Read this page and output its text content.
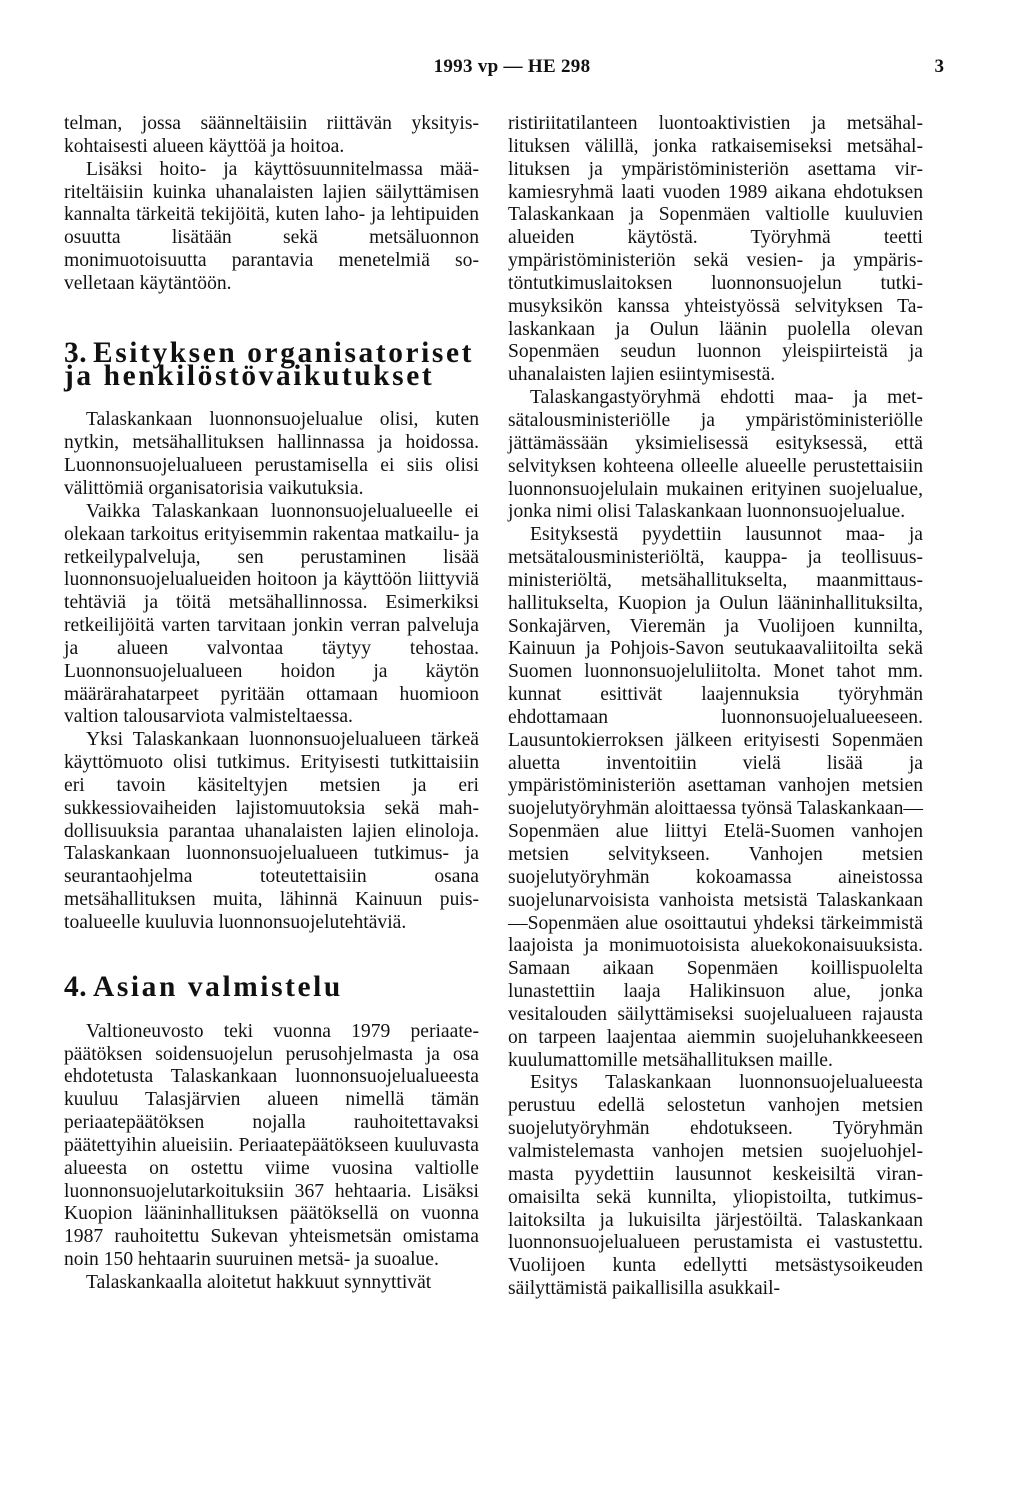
1993 vp — HE 298	3

telman, jossa säänneltäisiin riittävän yksityiskohtaisesti alueen käyttöä ja hoitoa.

Lisäksi hoito- ja käyttösuunnitelmassa määriteltäisiin kuinka uhanalaisten lajien säilyttämisen kannalta tärkeitä tekijöitä, kuten laho- ja lehtipuiden osuutta lisätään sekä metsäluonnon monimuotoisuutta parantavia menetelmiä sovelletaan käytäntöön.

3. Esityksen organisatoriset ja henkilöstövaikutukset

Talaskankaan luonnonsuojelualue olisi, kuten nytkin, metsähallituksen hallinnassa ja hoidossa. Luonnonsuojelualueen perustamisella ei siis olisi välittömiä organisatorisia vaikutuksia.

Vaikka Talaskankaan luonnonsuojelualueelle ei olekaan tarkoitus erityisemmin rakentaa matkailu- ja retkeilypalveluja, sen perustaminen lisää luonnonsuojelualueiden hoitoon ja käyttöön liittyviä tehtäviä ja töitä metsähallinnossa. Esimerkiksi retkeilijöitä varten tarvitaan jonkin verran palveluja ja alueen valvontaa täytyy tehostaa. Luonnonsuojelualueen hoidon ja käytön määrärahatarpeet pyritään ottamaan huomioon valtion talousarviota valmisteltaessa.

Yksi Talaskankaan luonnonsuojelualueen tärkeä käyttömuoto olisi tutkimus. Erityisesti tutkittaisiin eri tavoin käsiteltyjen metsien ja eri sukkessiovaiheiden lajistomuutoksia sekä mahdollisuuksia parantaa uhanalaisten lajien elinoloja. Talaskankaan luonnonsuojelualueen tutkimus- ja seurantaohjelma toteutettaisiin osana metsähallituksen muita, lähinnä Kainuun puistoalueelle kuuluvia luonnonsuojelutehtäviä.

4. Asian valmistelu

Valtioneuvosto teki vuonna 1979 periaatepäätöksen soidensuojelun perusohjelmasta ja osa ehdotetusta Talaskankaan luonnonsuojelualueesta kuuluu Talasjärvien alueen nimellä tämän periaatepäätöksen nojalla rauhoitettavaksi päätettyihin alueisiin. Periaatepäätökseen kuuluvasta alueesta on ostettu viime vuosina valtiolle luonnonsuojelutarkoituksiin 367 hehtaaria. Lisäksi Kuopion lääninhallituksen päätöksellä on vuonna 1987 rauhoitettu Sukevan yhteismetsän omistama noin 150 hehtaarin suuruinen metsä- ja suoalue.

Talaskankaalla aloitetut hakkuut synnyttivät

ristiriitatilanteen luontoaktivistien ja metsähallituksen välillä, jonka ratkaisemiseksi metsähallituksen ja ympäristöministeriön asettama virkamiesryhmä laati vuoden 1989 aikana ehdotuksen Talaskankaan ja Sopenmäen valtiolle kuuluvien alueiden käytöstä. Työryhmä teetti ympäristöministeriön sekä vesien- ja ympäristöntutkimuslaitoksen luonnonsuojelun tutkimusyksikön kanssa yhteistyössä selvityksen Talaskankaan ja Oulun läänin puolella olevan Sopenmäen seudun luonnon yleispiirteistä ja uhanalaisten lajien esiintymisestä.

Talaskangastyöryhmä ehdotti maa- ja metsätalousministeriölle ja ympäristöministeriölle jättämässään yksimielisessä esityksessä, että selvityksen kohteena olleelle alueelle perustettaisiin luonnonsuojelulain mukainen erityinen suojelualue, jonka nimi olisi Talaskankaan luonnonsuojelualue.

Esityksestä pyydettiin lausunnot maa- ja metsätalousministeriöltä, kauppa- ja teollisuusministeriöltä, metsähallitukselta, maanmittaushallitukselta, Kuopion ja Oulun lääninhallituksilta, Sonkajärven, Vieremän ja Vuolijoen kunnilta, Kainuun ja Pohjois-Savon seutukaavaliitoilta sekä Suomen luonnonsuojeluliitolta. Monet tahot mm. kunnat esittivät laajennuksia työryhmän ehdottamaan luonnonsuojelualueeseen. Lausuntokierroksen jälkeen erityisesti Sopenmäen aluetta inventoitiin vielä lisää ja ympäristöministeriön asettaman vanhojen metsien suojelutyöryhmän aloittaessa työnsä Talaskankaan—Sopenmäen alue liittyi Etelä-Suomen vanhojen metsien selvitykseen. Vanhojen metsien suojelutyöryhmän kokoamassa aineistossa suojelunarvoisista vanhoista metsistä Talaskankaan—Sopenmäen alue osoittautui yhdeksi tärkeimmistä laajoista ja monimuotoisista aluekokonaisuuksista. Samaan aikaan Sopenmäen koillispuolelta lunastettiin laaja Halikinsuon alue, jonka vesitalouden säilyttämiseksi suojelualueen rajausta on tarpeen laajentaa aiemmin suojeluhankkeeseen kuulumattomille metsähallituksen maille.

Esitys Talaskankaan luonnonsuojelualueesta perustuu edellä selostetun vanhojen metsien suojelutyöryhmän ehdotukseen. Työryhmän valmistelemasta vanhojen metsien suojeluohjelmasta pyydettiin lausunnot keskeisiltä viranomaisilta sekä kunnilta, yliopistoilta, tutkimuslaitoksilta ja lukuisilta järjestöiltä. Talaskankaan luonnonsuojelualueen perustamista ei vastustettu. Vuolijoen kunta edellytti metsästysoikeuden säilyttämistä paikallisilla asukkail-
